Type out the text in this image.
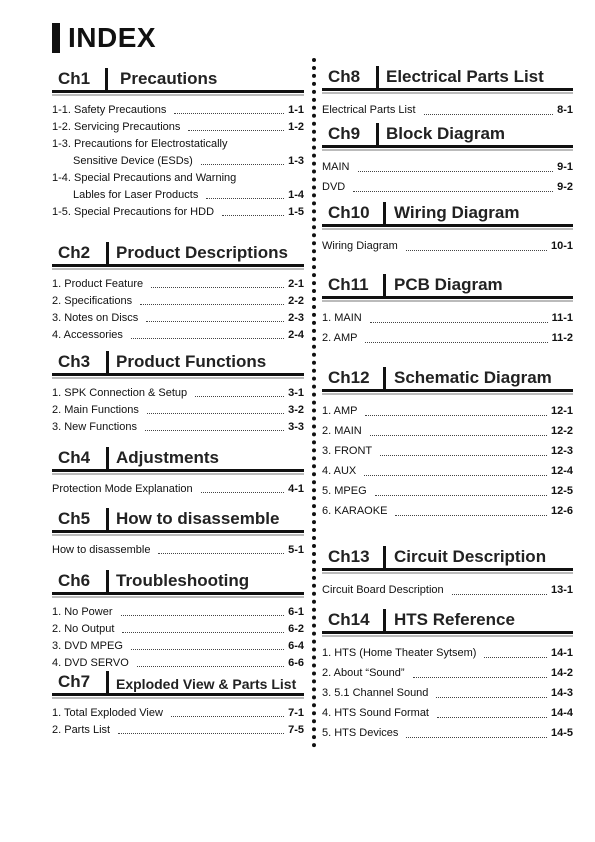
INDEX
Ch1 Precautions
1-1. Safety Precautions	1-1
1-2. Servicing Precautions	1-2
1-3. Precautions for Electrostatically
Sensitive Device (ESDs)	1-3
1-4. Special Precautions and Warning
Lables for Laser Products	1-4
1-5. Special Precautions for HDD	1-5
Ch2 Product Descriptions
1. Product Feature	2-1
2. Specifications	2-2
3. Notes on Discs	2-3
4. Accessories	2-4
Ch3 Product Functions
1. SPK Connection & Setup	3-1
2. Main Functions	3-2
3. New Functions	3-3
Ch4 Adjustments
Protection Mode Explanation	4-1
Ch5 How to disassemble
How to disassemble	5-1
Ch6 Troubleshooting
1. No Power	6-1
2. No Output	6-2
3. DVD MPEG	6-4
4. DVD SERVO	6-6
Ch7 Exploded View & Parts List
1. Total Exploded View	7-1
2. Parts List	7-5
Ch8 Electrical Parts List
Electrical Parts List	8-1
Ch9 Block Diagram
MAIN	9-1
DVD	9-2
Ch10 Wiring Diagram
Wiring Diagram	10-1
Ch11 PCB Diagram
1. MAIN	11-1
2. AMP	11-2
Ch12 Schematic Diagram
1. AMP	12-1
2. MAIN	12-2
3. FRONT	12-3
4. AUX	12-4
5. MPEG	12-5
6. KARAOKE	12-6
Ch13 Circuit Description
Circuit Board Description	13-1
Ch14 HTS Reference
1. HTS (Home Theater Sytsem)	14-1
2. About “Sound”	14-2
3. 5.1 Channel Sound	14-3
4. HTS Sound Format	14-4
5. HTS Devices	14-5
